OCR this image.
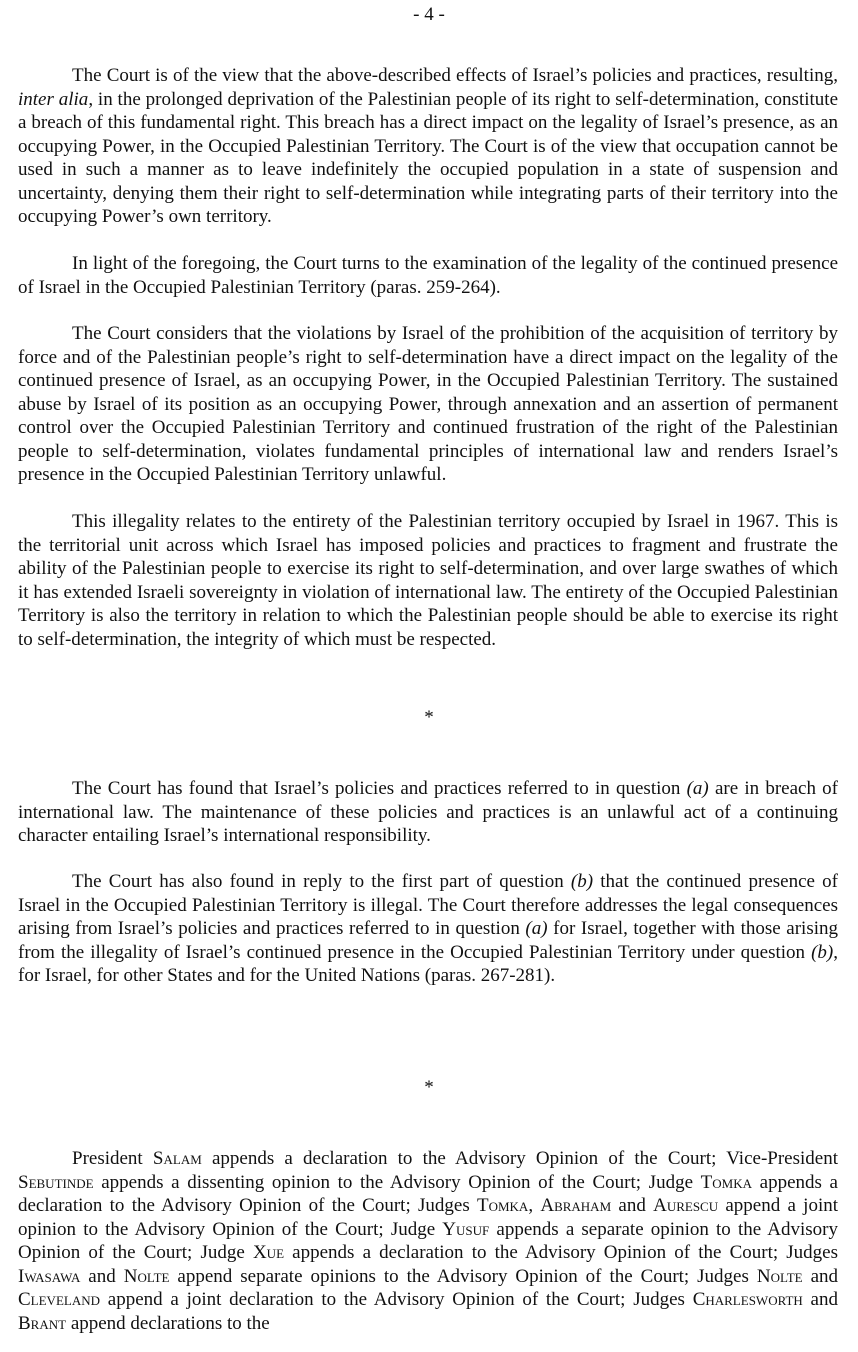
- 4 -

The Court is of the view that the above-described effects of Israel’s policies and practices, resulting, inter alia, in the prolonged deprivation of the Palestinian people of its right to self-determination, constitute a breach of this fundamental right. This breach has a direct impact on the legality of Israel’s presence, as an occupying Power, in the Occupied Palestinian Territory. The Court is of the view that occupation cannot be used in such a manner as to leave indefinitely the occupied population in a state of suspension and uncertainty, denying them their right to self-determination while integrating parts of their territory into the occupying Power’s own territory.

In light of the foregoing, the Court turns to the examination of the legality of the continued presence of Israel in the Occupied Palestinian Territory (paras. 259-264).

The Court considers that the violations by Israel of the prohibition of the acquisition of territory by force and of the Palestinian people’s right to self-determination have a direct impact on the legality of the continued presence of Israel, as an occupying Power, in the Occupied Palestinian Territory. The sustained abuse by Israel of its position as an occupying Power, through annexation and an assertion of permanent control over the Occupied Palestinian Territory and continued frustration of the right of the Palestinian people to self-determination, violates fundamental principles of international law and renders Israel’s presence in the Occupied Palestinian Territory unlawful.

This illegality relates to the entirety of the Palestinian territory occupied by Israel in 1967. This is the territorial unit across which Israel has imposed policies and practices to fragment and frustrate the ability of the Palestinian people to exercise its right to self-determination, and over large swathes of which it has extended Israeli sovereignty in violation of international law. The entirety of the Occupied Palestinian Territory is also the territory in relation to which the Palestinian people should be able to exercise its right to self-determination, the integrity of which must be respected.

*

The Court has found that Israel’s policies and practices referred to in question (a) are in breach of international law. The maintenance of these policies and practices is an unlawful act of a continuing character entailing Israel’s international responsibility.

The Court has also found in reply to the first part of question (b) that the continued presence of Israel in the Occupied Palestinian Territory is illegal. The Court therefore addresses the legal consequences arising from Israel’s policies and practices referred to in question (a) for Israel, together with those arising from the illegality of Israel’s continued presence in the Occupied Palestinian Territory under question (b), for Israel, for other States and for the United Nations (paras. 267-281).

*

President Salam appends a declaration to the Advisory Opinion of the Court; Vice-President Sebutinde appends a dissenting opinion to the Advisory Opinion of the Court; Judge Tomka appends a declaration to the Advisory Opinion of the Court; Judges Tomka, Abraham and Aurescu append a joint opinion to the Advisory Opinion of the Court; Judge Yusuf appends a separate opinion to the Advisory Opinion of the Court; Judge Xue appends a declaration to the Advisory Opinion of the Court; Judges Iwasawa and Nolte append separate opinions to the Advisory Opinion of the Court; Judges Nolte and Cleveland append a joint declaration to the Advisory Opinion of the Court; Judges Charlesworth and Brant append declarations to the
